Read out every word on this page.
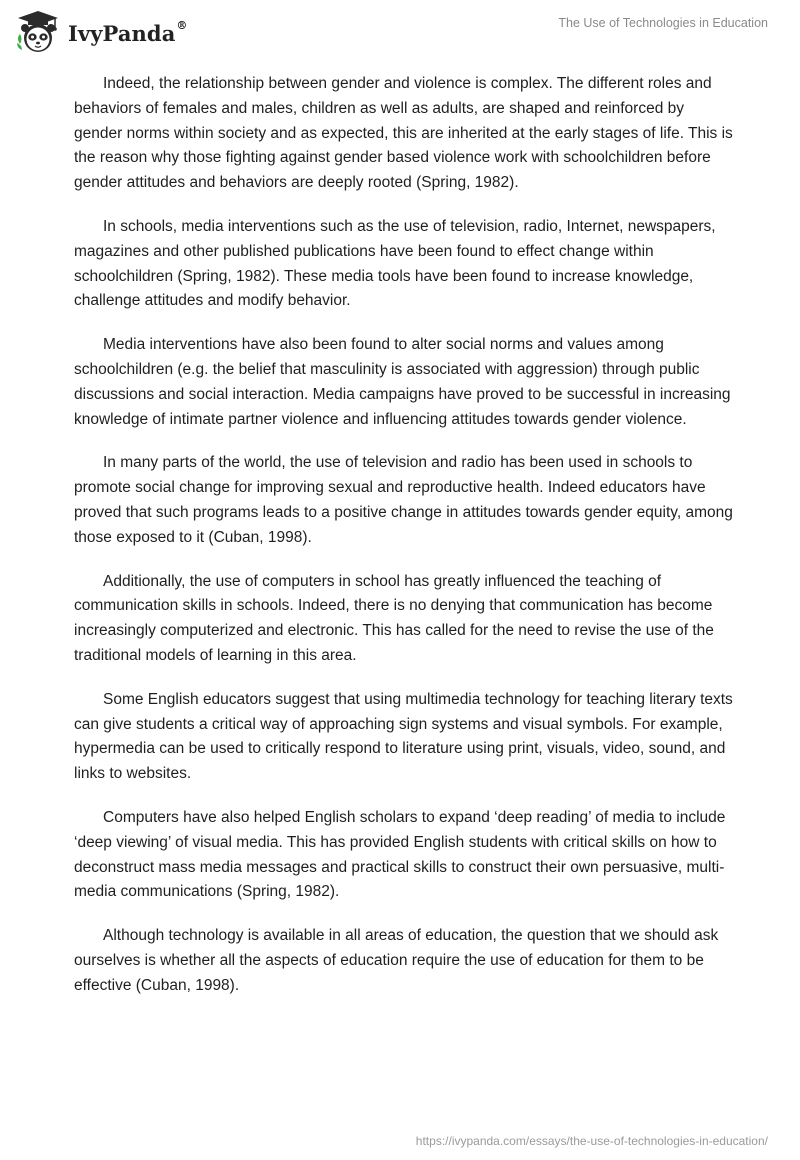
IvyPanda®	The Use of Technologies in Education

Indeed, the relationship between gender and violence is complex. The different roles and behaviors of females and males, children as well as adults, are shaped and reinforced by gender norms within society and as expected, this are inherited at the early stages of life. This is the reason why those fighting against gender based violence work with schoolchildren before gender attitudes and behaviors are deeply rooted (Spring, 1982).

In schools, media interventions such as the use of television, radio, Internet, newspapers, magazines and other published publications have been found to effect change within schoolchildren (Spring, 1982). These media tools have been found to increase knowledge, challenge attitudes and modify behavior.

Media interventions have also been found to alter social norms and values among schoolchildren (e.g. the belief that masculinity is associated with aggression) through public discussions and social interaction. Media campaigns have proved to be successful in increasing knowledge of intimate partner violence and influencing attitudes towards gender violence.

In many parts of the world, the use of television and radio has been used in schools to promote social change for improving sexual and reproductive health. Indeed educators have proved that such programs leads to a positive change in attitudes towards gender equity, among those exposed to it (Cuban, 1998).

Additionally, the use of computers in school has greatly influenced the teaching of communication skills in schools. Indeed, there is no denying that communication has become increasingly computerized and electronic. This has called for the need to revise the use of the traditional models of learning in this area.

Some English educators suggest that using multimedia technology for teaching literary texts can give students a critical way of approaching sign systems and visual symbols. For example, hypermedia can be used to critically respond to literature using print, visuals, video, sound, and links to websites.

Computers have also helped English scholars to expand ‘deep reading’ of media to include ‘deep viewing’ of visual media. This has provided English students with critical skills on how to deconstruct mass media messages and practical skills to construct their own persuasive, multi-media communications (Spring, 1982).

Although technology is available in all areas of education, the question that we should ask ourselves is whether all the aspects of education require the use of education for them to be effective (Cuban, 1998).

https://ivypanda.com/essays/the-use-of-technologies-in-education/
